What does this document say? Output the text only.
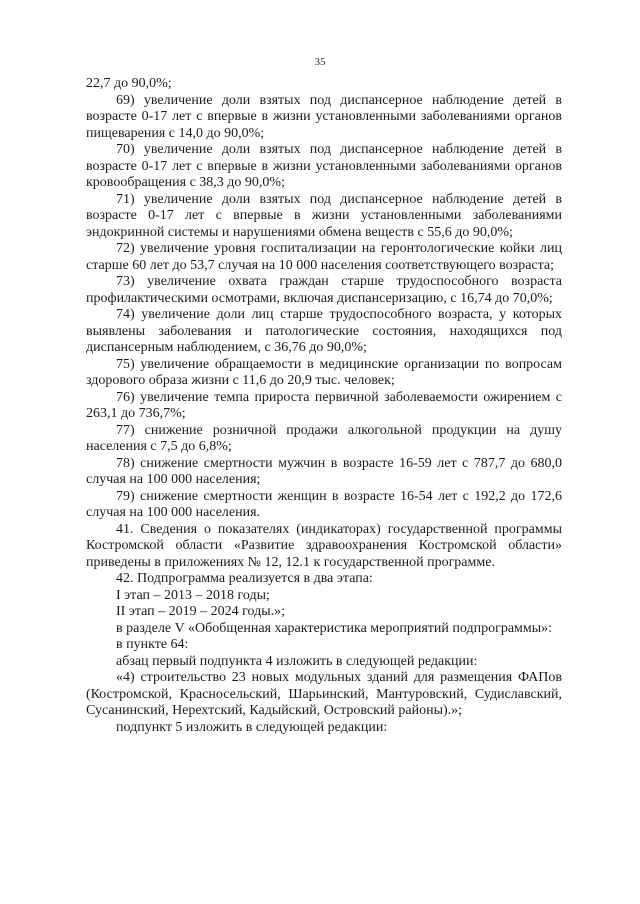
35

22,7 до 90,0%;

69) увеличение доли взятых под диспансерное наблюдение детей в возрасте 0-17 лет с впервые в жизни установленными заболеваниями органов пищеварения с 14,0 до 90,0%;

70) увеличение доли взятых под диспансерное наблюдение детей в возрасте 0-17 лет с впервые в жизни установленными заболеваниями органов кровообращения с 38,3 до 90,0%;

71) увеличение доли взятых под диспансерное наблюдение детей в возрасте 0-17 лет с впервые в жизни установленными заболеваниями эндокринной системы и нарушениями обмена веществ с 55,6 до 90,0%;

72) увеличение уровня госпитализации на геронтологические койки лиц старше 60 лет до 53,7 случая на 10 000 населения соответствующего возраста;

73) увеличение охвата граждан старше трудоспособного возраста профилактическими осмотрами, включая диспансеризацию, с 16,74 до 70,0%;

74) увеличение доли лиц старше трудоспособного возраста, у которых выявлены заболевания и патологические состояния, находящихся под диспансерным наблюдением, с 36,76 до 90,0%;

75) увеличение обращаемости в медицинские организации по вопросам здорового образа жизни с 11,6 до 20,9 тыс. человек;

76) увеличение темпа прироста первичной заболеваемости ожирением с 263,1 до 736,7%;

77) снижение розничной продажи алкогольной продукции на душу населения с 7,5 до 6,8%;

78) снижение смертности мужчин в возрасте 16-59 лет с 787,7 до 680,0 случая на 100 000 населения;

79) снижение смертности женщин в возрасте 16-54 лет с 192,2 до 172,6 случая на 100 000 населения.

41. Сведения о показателях (индикаторах) государственной программы Костромской области «Развитие здравоохранения Костромской области» приведены в приложениях № 12, 12.1 к государственной программе.

42. Подпрограмма реализуется в два этапа:

I этап – 2013 – 2018 годы;

II этап – 2019 – 2024 годы.»;

в разделе V «Обобщенная характеристика мероприятий подпрограммы»:

в пункте 64:

абзац первый подпункта 4 изложить в следующей редакции:

«4) строительство 23 новых модульных зданий для размещения ФАПов (Костромской, Красносельский, Шарьинский, Мантуровский, Судиславский, Сусанинский, Нерехтский, Кадыйский, Островский районы).»;

подпункт 5 изложить в следующей редакции:
